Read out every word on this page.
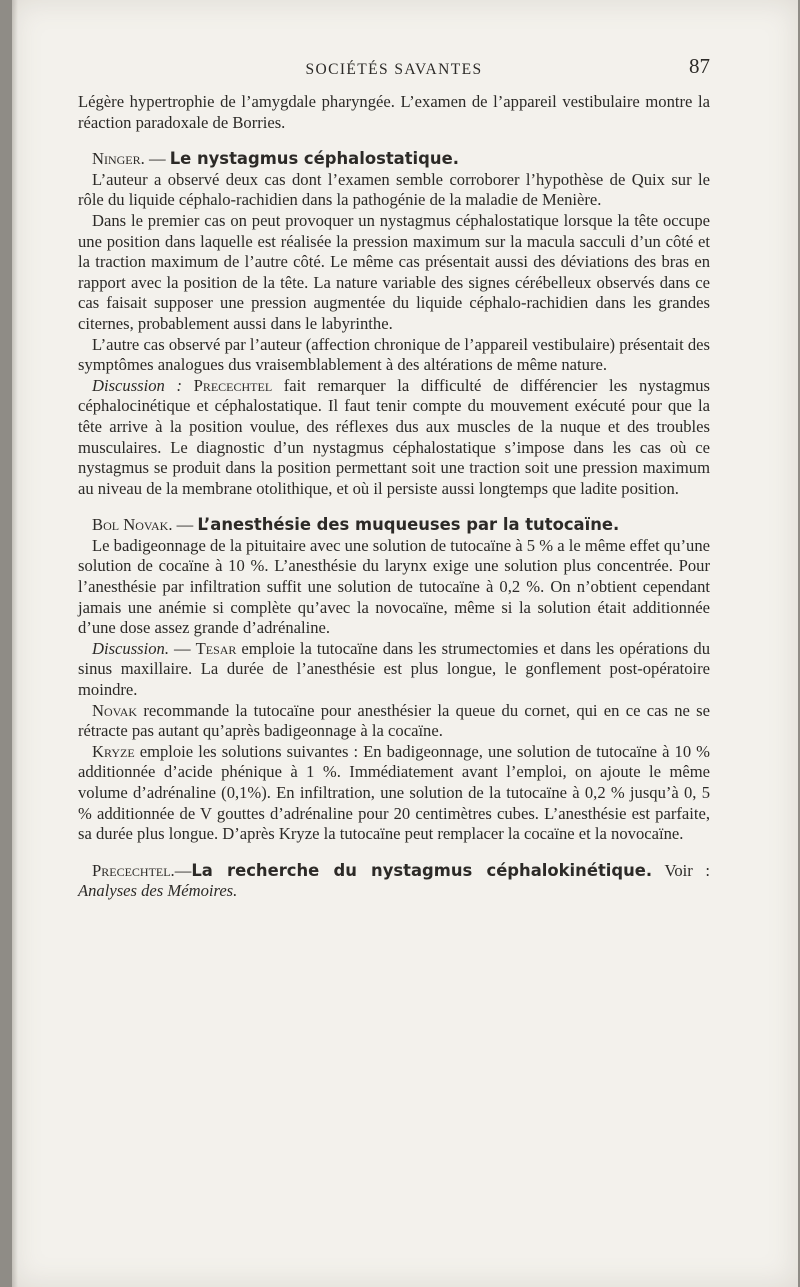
SOCIÉTÉS SAVANTES	87

Légère hypertrophie de l’amygdale pharyngée. L’examen de l’appareil vestibulaire montre la réaction paradoxale de Borries.

Ninger. — Le nystagmus céphalostatique.

L’auteur a observé deux cas dont l’examen semble corroborer l’hypothèse de Quix sur le rôle du liquide céphalo-rachidien dans la pathogénie de la maladie de Menière.

Dans le premier cas on peut provoquer un nystagmus céphalostatique lorsque la tête occupe une position dans laquelle est réalisée la pression maximum sur la macula sacculi d’un côté et la traction maximum de l’autre côté. Le même cas présentait aussi des déviations des bras en rapport avec la position de la tête. La nature variable des signes cérébelleux observés dans ce cas faisait supposer une pression augmentée du liquide céphalo-rachidien dans les grandes citernes, probablement aussi dans le labyrinthe.

L’autre cas observé par l’auteur (affection chronique de l’appareil vestibulaire) présentait des symptômes analogues dus vraisemblablement à des altérations de même nature.

Discussion : Precechtel fait remarquer la difficulté de différencier les nystagmus céphalocinétique et céphalostatique. Il faut tenir compte du mouvement exécuté pour que la tête arrive à la position voulue, des réflexes dus aux muscles de la nuque et des troubles musculaires. Le diagnostic d’un nystagmus céphalostatique s’impose dans les cas où ce nystagmus se produit dans la position permettant soit une traction soit une pression maximum au niveau de la membrane otolithique, et où il persiste aussi longtemps que ladite position.

Bol Novak. — L’anesthésie des muqueuses par la tutocaïne.

Le badigeonnage de la pituitaire avec une solution de tutocaïne à 5 % a le même effet qu’une solution de cocaïne à 10 %. L’anesthésie du larynx exige une solution plus concentrée. Pour l’anesthésie par infiltration suffit une solution de tutocaïne à 0,2 %. On n’obtient cependant jamais une anémie si complète qu’avec la novocaïne, même si la solution était additionnée d’une dose assez grande d’adrénaline.

Discussion. — Tesar emploie la tutocaïne dans les strumectomies et dans les opérations du sinus maxillaire. La durée de l’anesthésie est plus longue, le gonflement post-opératoire moindre.

Novak recommande la tutocaïne pour anesthésier la queue du cornet, qui en ce cas ne se rétracte pas autant qu’après badigeonnage à la cocaïne.

Kryze emploie les solutions suivantes : En badigeonnage, une solution de tutocaïne à 10 % additionnée d’acide phénique à 1 %. Immédiatement avant l’emploi, on ajoute le même volume d’adrénaline (0,1%). En infiltration, une solution de la tutocaïne à 0,2 % jusqu’à 0, 5 % additionnée de V gouttes d’adrénaline pour 20 centimètres cubes. L’anesthésie est parfaite, sa durée plus longue. D’après Kryze la tutocaïne peut remplacer la cocaïne et la novocaïne.

Precechtel.—La recherche du nystagmus céphalokinétique. Voir : Analyses des Mémoires.
